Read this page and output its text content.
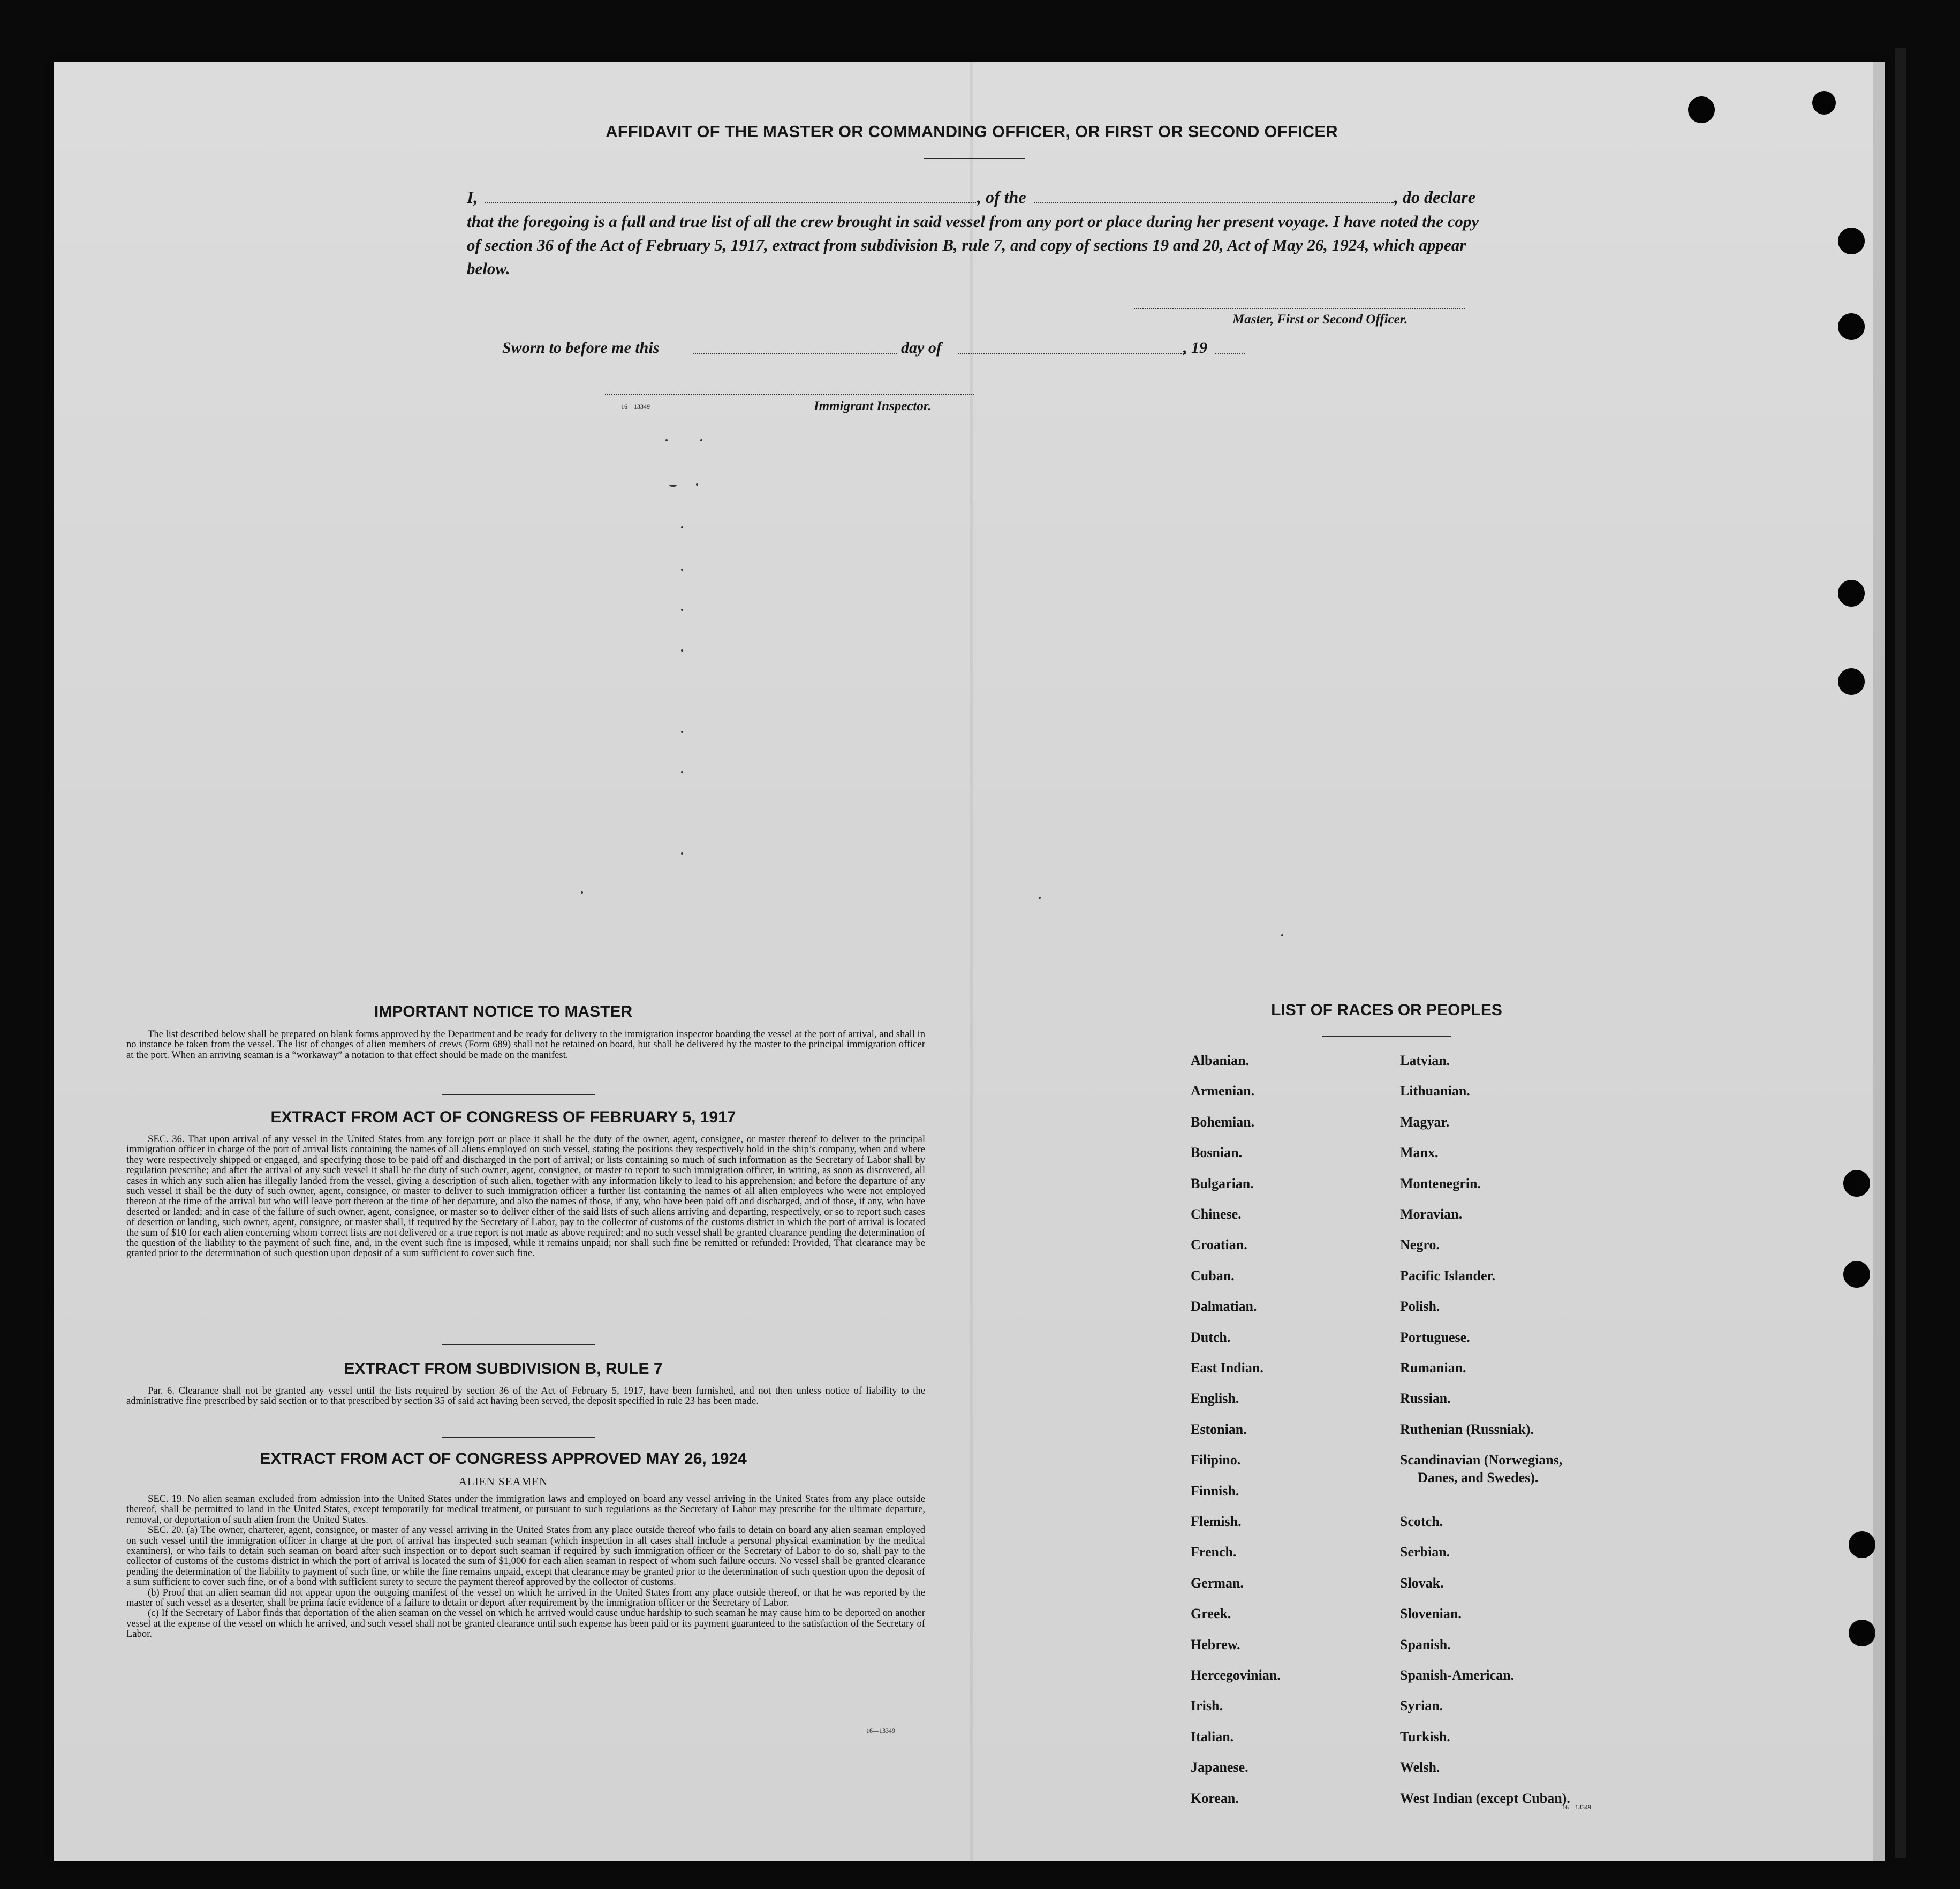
AFFIDAVIT OF THE MASTER OR COMMANDING OFFICER, OR FIRST OR SECOND OFFICER
I,	, of the	, do declare
that the foregoing is a full and true list of all the crew brought in said vessel from any port or place during her present voyage. I have noted the copy of section 36 of the Act of February 5, 1917, extract from subdivision B, rule 7, and copy of sections 19 and 20, Act of May 26, 1924, which appear below.
Master, First or Second Officer.
Sworn to before me this	day of	, 19
16—13349	Immigrant Inspector.
IMPORTANT NOTICE TO MASTER

The list described below shall be prepared on blank forms approved by the Department and be ready for delivery to the immigration inspector boarding the vessel at the port of arrival, and shall in no instance be taken from the vessel. The list of changes of alien members of crews (Form 689) shall not be retained on board, but shall be delivered by the master to the principal immigration officer at the port. When an arriving seaman is a “workaway” a notation to that effect should be made on the manifest.

EXTRACT FROM ACT OF CONGRESS OF FEBRUARY 5, 1917

SEC. 36. That upon arrival of any vessel in the United States from any foreign port or place it shall be the duty of the owner, agent, consignee, or master thereof to deliver to the principal immigration officer in charge of the port of arrival lists containing the names of all aliens employed on such vessel, stating the positions they respectively hold in the ship’s company, when and where they were respectively shipped or engaged, and specifying those to be paid off and discharged in the port of arrival; or lists containing so much of such information as the Secretary of Labor shall by regulation prescribe; and after the arrival of any such vessel it shall be the duty of such owner, agent, consignee, or master to report to such immigration officer, in writing, as soon as discovered, all cases in which any such alien has illegally landed from the vessel, giving a description of such alien, together with any information likely to lead to his apprehension; and before the departure of any such vessel it shall be the duty of such owner, agent, consignee, or master to deliver to such immigration officer a further list containing the names of all alien employees who were not employed thereon at the time of the arrival but who will leave port thereon at the time of her departure, and also the names of those, if any, who have been paid off and discharged, and of those, if any, who have deserted or landed; and in case of the failure of such owner, agent, consignee, or master so to deliver either of the said lists of such aliens arriving and departing, respectively, or so to report such cases of desertion or landing, such owner, agent, consignee, or master shall, if required by the Secretary of Labor, pay to the collector of customs of the customs district in which the port of arrival is located the sum of $10 for each alien concerning whom correct lists are not delivered or a true report is not made as above required; and no such vessel shall be granted clearance pending the determination of the question of the liability to the payment of such fine, and, in the event such fine is imposed, while it remains unpaid; nor shall such fine be remitted or refunded: Provided, That clearance may be granted prior to the determination of such question upon deposit of a sum sufficient to cover such fine.

EXTRACT FROM SUBDIVISION B, RULE 7

Par. 6. Clearance shall not be granted any vessel until the lists required by section 36 of the Act of February 5, 1917, have been furnished, and not then unless notice of liability to the administrative fine prescribed by said section or to that prescribed by section 35 of said act having been served, the deposit specified in rule 23 has been made.

EXTRACT FROM ACT OF CONGRESS APPROVED MAY 26, 1924
ALIEN SEAMEN

SEC. 19. No alien seaman excluded from admission into the United States under the immigration laws and employed on board any vessel arriving in the United States from any place outside thereof, shall be permitted to land in the United States, except temporarily for medical treatment, or pursuant to such regulations as the Secretary of Labor may prescribe for the ultimate departure, removal, or deportation of such alien from the United States.

SEC. 20. (a) The owner, charterer, agent, consignee, or master of any vessel arriving in the United States from any place outside thereof who fails to detain on board any alien seaman employed on such vessel until the immigration officer in charge at the port of arrival has inspected such seaman (which inspection in all cases shall include a personal physical examination by the medical examiners), or who fails to detain such seaman on board after such inspection or to deport such seaman if required by such immigration officer or the Secretary of Labor to do so, shall pay to the collector of customs of the customs district in which the port of arrival is located the sum of $1,000 for each alien seaman in respect of whom such failure occurs. No vessel shall be granted clearance pending the determination of the liability to payment of such fine, or while the fine remains unpaid, except that clearance may be granted prior to the determination of such question upon the deposit of a sum sufficient to cover such fine, or of a bond with sufficient surety to secure the payment thereof approved by the collector of customs.

(b) Proof that an alien seaman did not appear upon the outgoing manifest of the vessel on which he arrived in the United States from any place outside thereof, or that he was reported by the master of such vessel as a deserter, shall be prima facie evidence of a failure to detain or deport after requirement by the immigration officer or the Secretary of Labor.

(c) If the Secretary of Labor finds that deportation of the alien seaman on the vessel on which he arrived would cause undue hardship to such seaman he may cause him to be deported on another vessel at the expense of the vessel on which he arrived, and such vessel shall not be granted clearance until such expense has been paid or its payment guaranteed to the satisfaction of the Secretary of Labor.

16—13349
LIST OF RACES OR PEOPLES
Albanian.
Armenian.
Bohemian.
Bosnian.
Bulgarian.
Chinese.
Croatian.
Cuban.
Dalmatian.
Dutch.
East Indian.
English.
Estonian.
Filipino.
Finnish.
Flemish.
French.
German.
Greek.
Hebrew.
Hercegovinian.
Irish.
Italian.
Japanese.
Korean.
Latvian.
Lithuanian.
Magyar.
Manx.
Montenegrin.
Moravian.
Negro.
Pacific Islander.
Polish.
Portuguese.
Rumanian.
Russian.
Ruthenian (Russniak).
Scandinavian (Norwegians,
Danes, and Swedes).
Scotch.
Serbian.
Slovak.
Slovenian.
Spanish.
Spanish-American.
Syrian.
Turkish.
Welsh.
West Indian (except Cuban).
16—13349
